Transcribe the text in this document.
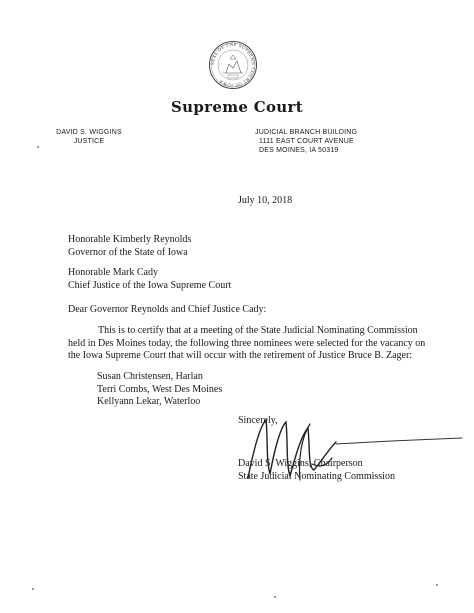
SEAL OF THE SUPREME COURT OF IOWA
Supreme Court
DAVID S. WIGGINS
JUSTICE
JUDICIAL BRANCH BUILDING
1111 EAST COURT AVENUE
DES MOINES, IA 50319
July 10, 2018
Honorable Kimberly Reynolds
Governor of the State of Iowa
Honorable Mark Cady
Chief Justice of the Iowa Supreme Court
Dear Governor Reynolds and Chief Justice Cady:
This is to certify that at a meeting of the State Judicial Nominating Commission
held in Des Moines today, the following three nominees were selected for the vacancy on
the Iowa Supreme Court that will occur with the retirement of Justice Bruce B. Zager:
Susan Christensen, Harlan
Terri Combs, West Des Moines
Kellyann Lekar, Waterloo
Sincerely,
David S. Wiggins, Chairperson
State Judicial Nominating Commission
